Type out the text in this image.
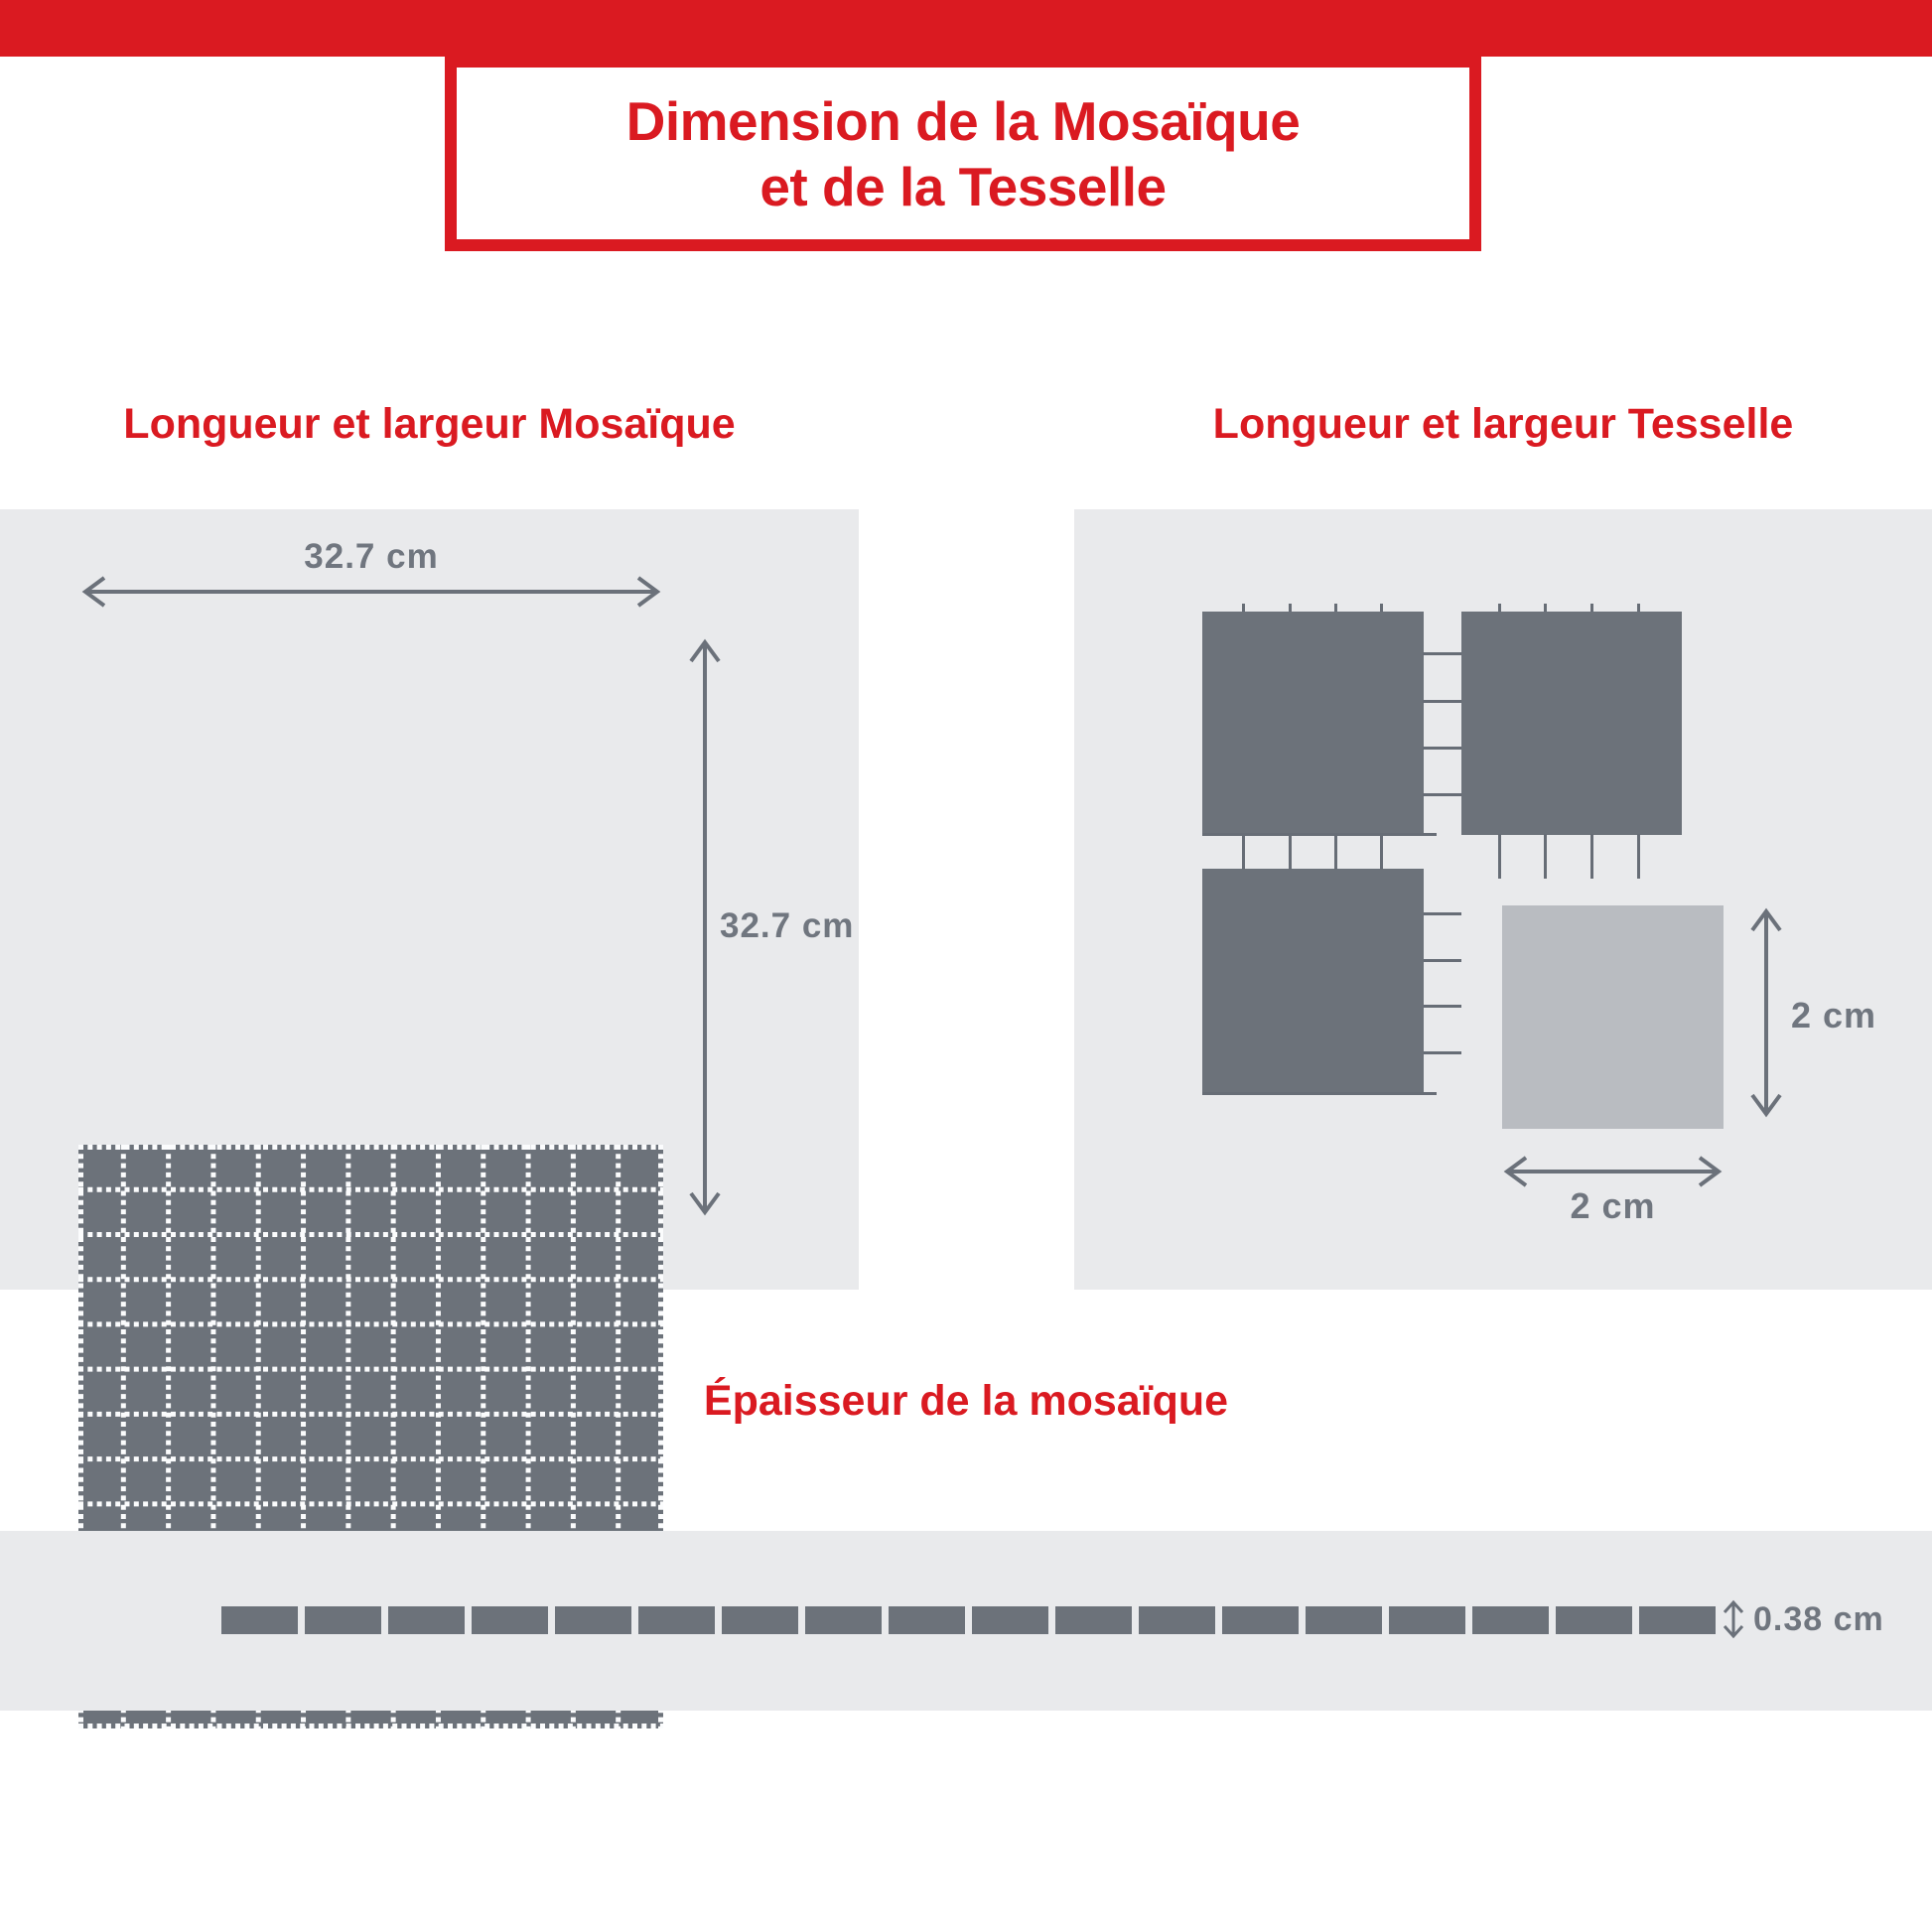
Dimension de la Mosaïque
et de la Tesselle
Longueur et largeur Mosaïque	Longueur et largeur Tesselle
32.7 cm
32.7 cm
2 cm
2 cm
Épaisseur de la mosaïque
0.38 cm
